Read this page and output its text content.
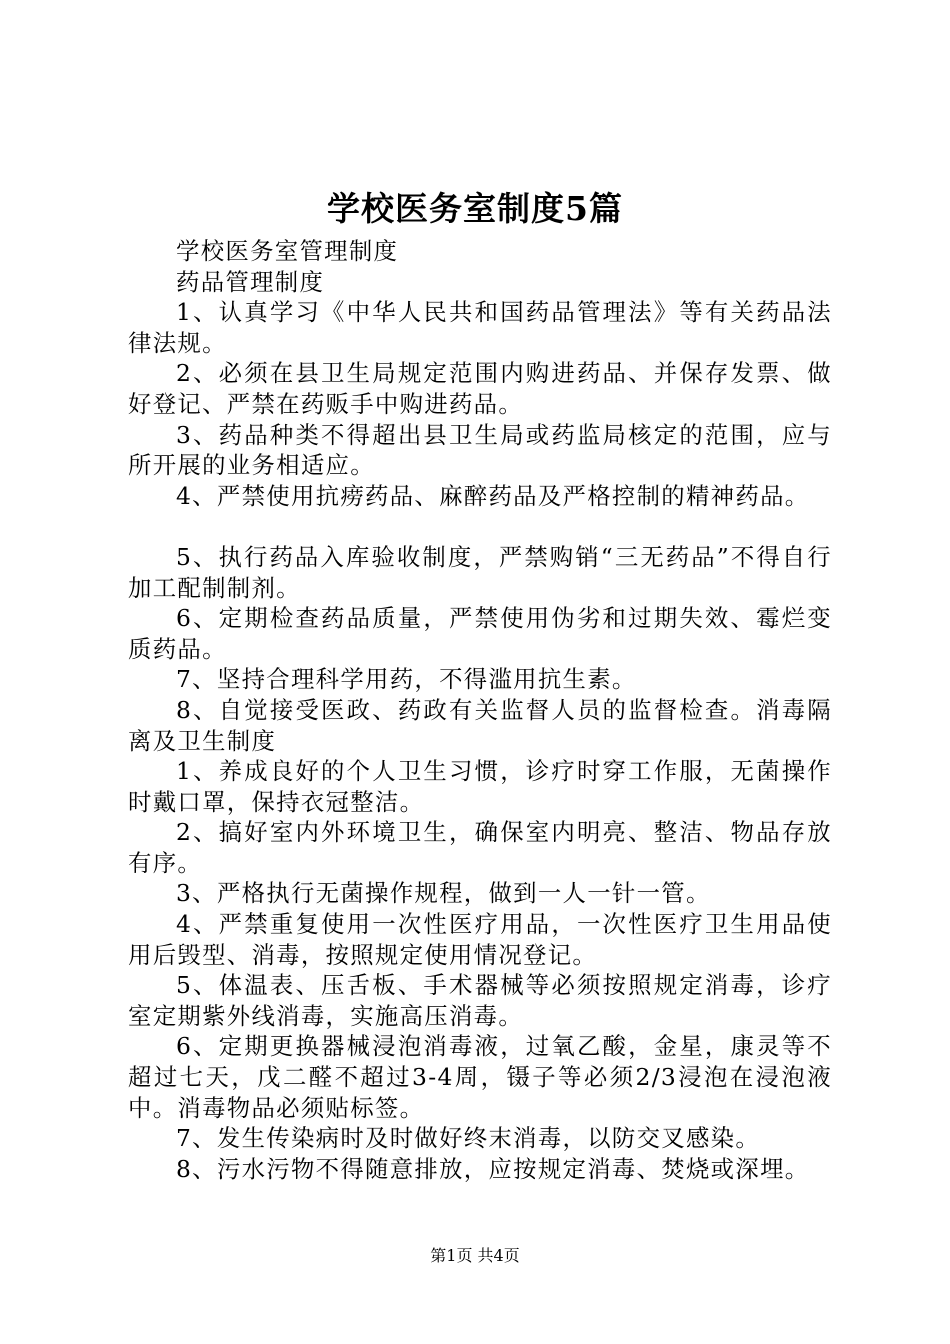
学校医务室制度5篇

学校医务室管理制度

药品管理制度

1、认真学习《中华人民共和国药品管理法》等有关药品法律法规。

2、必须在县卫生局规定范围内购进药品、并保存发票、做好登记、严禁在药贩手中购进药品。

3、药品种类不得超出县卫生局或药监局核定的范围，应与所开展的业务相适应。

4、严禁使用抗痨药品、麻醉药品及严格控制的精神药品。

5、执行药品入库验收制度，严禁购销“三无药品”不得自行加工配制制剂。

6、定期检查药品质量，严禁使用伪劣和过期失效、霉烂变质药品。

7、坚持合理科学用药，不得滥用抗生素。

8、自觉接受医政、药政有关监督人员的监督检查。消毒隔离及卫生制度

1、养成良好的个人卫生习惯，诊疗时穿工作服，无菌操作时戴口罩，保持衣冠整洁。

2、搞好室内外环境卫生，确保室内明亮、整洁、物品存放有序。

3、严格执行无菌操作规程，做到一人一针一管。

4、严禁重复使用一次性医疗用品，一次性医疗卫生用品使用后毁型、消毒，按照规定使用情况登记。

5、体温表、压舌板、手术器械等必须按照规定消毒，诊疗室定期紫外线消毒，实施高压消毒。

6、定期更换器械浸泡消毒液，过氧乙酸，金星，康灵等不超过七天，戊二醛不超过3-4周，镊子等必须2/3浸泡在浸泡液中。消毒物品必须贴标签。

7、发生传染病时及时做好终末消毒，以防交叉感染。

8、污水污物不得随意排放，应按规定消毒、焚烧或深埋。

第1页 共4页
